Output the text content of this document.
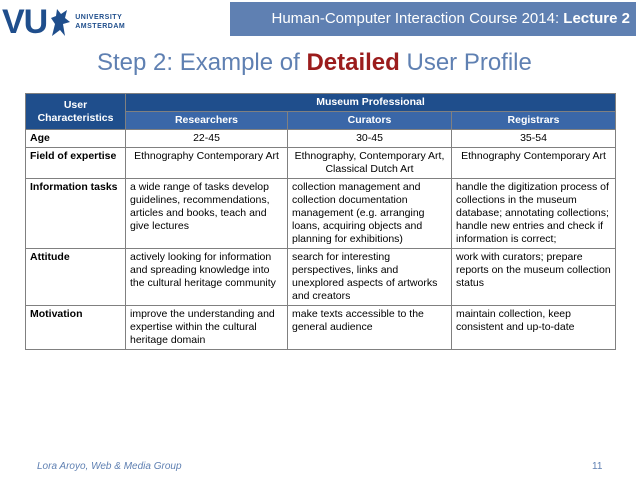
VU	UNIVERSITY
AMSTERDAM	Human-Computer Interaction Course 2014: Lecture 2
Step 2: Example of Detailed User Profile
User Characteristics	Museum Professional		
	Researchers	Curators	Registrars
Age	22-45	30-45	35-54
Field of expertise	Ethnography Contemporary Art	Ethnography, Contemporary Art, Classical Dutch Art	Ethnography Contemporary Art
Information tasks	a wide range of tasks develop guidelines, recommendations, articles and books, teach and give lectures	collection management and collection documentation management (e.g. arranging loans, acquiring objects and planning for exhibitions)	handle the digitization process of collections in the museum database; annotating collections; handle new entries and check if information is correct;
Attitude	actively looking for information and spreading knowledge into the cultural heritage community	search for interesting perspectives, links and unexplored aspects of artworks and creators	work with curators; prepare reports on the museum collection status
Motivation	improve the understanding and expertise within the cultural heritage domain	make texts accessible to the general audience	maintain collection, keep consistent and up-to-date
Lora Aroyo, Web & Media Group	11
